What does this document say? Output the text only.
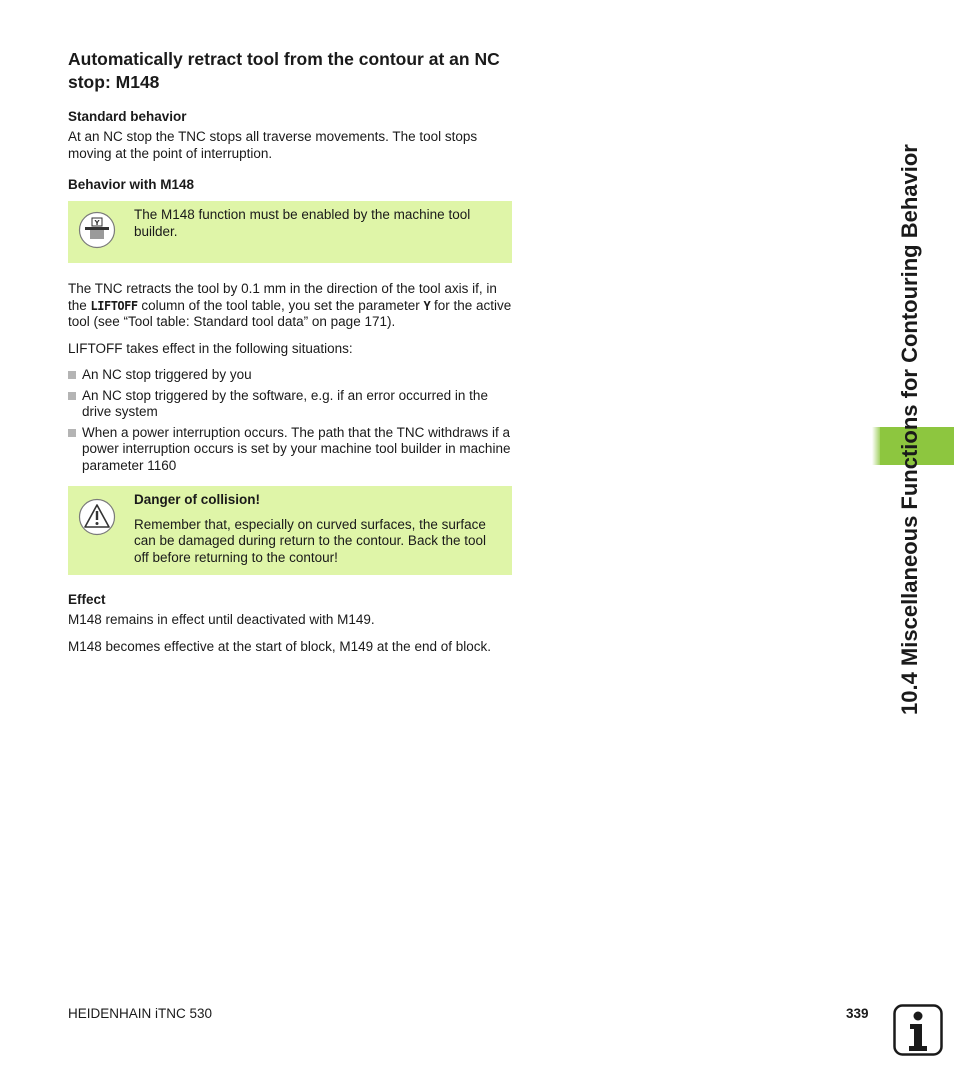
Automatically retract tool from the contour at an NC stop: M148
Standard behavior
At an NC stop the TNC stops all traverse movements. The tool stops moving at the point of interruption.
Behavior with M148
Y
The M148 function must be enabled by the machine tool builder.
The TNC retracts the tool by 0.1 mm in the direction of the tool axis if, in the LIFTOFF column of the tool table, you set the parameter Y for the active tool (see “Tool table: Standard tool data” on page 171).
LIFTOFF takes effect in the following situations:
An NC stop triggered by you
An NC stop triggered by the software, e.g. if an error occurred in the drive system
When a power interruption occurs. The path that the TNC withdraws if a power interruption occurs is set by your machine tool builder in machine parameter 1160
Danger of collision!
Remember that, especially on curved surfaces, the surface can be damaged during return to the contour. Back the tool off before returning to the contour!
Effect
M148 remains in effect until deactivated with M149.
M148 becomes effective at the start of block, M149 at the end of block.	10.4 Miscellaneous Functions for Contouring Behavior
HEIDENHAIN iTNC 530	339
